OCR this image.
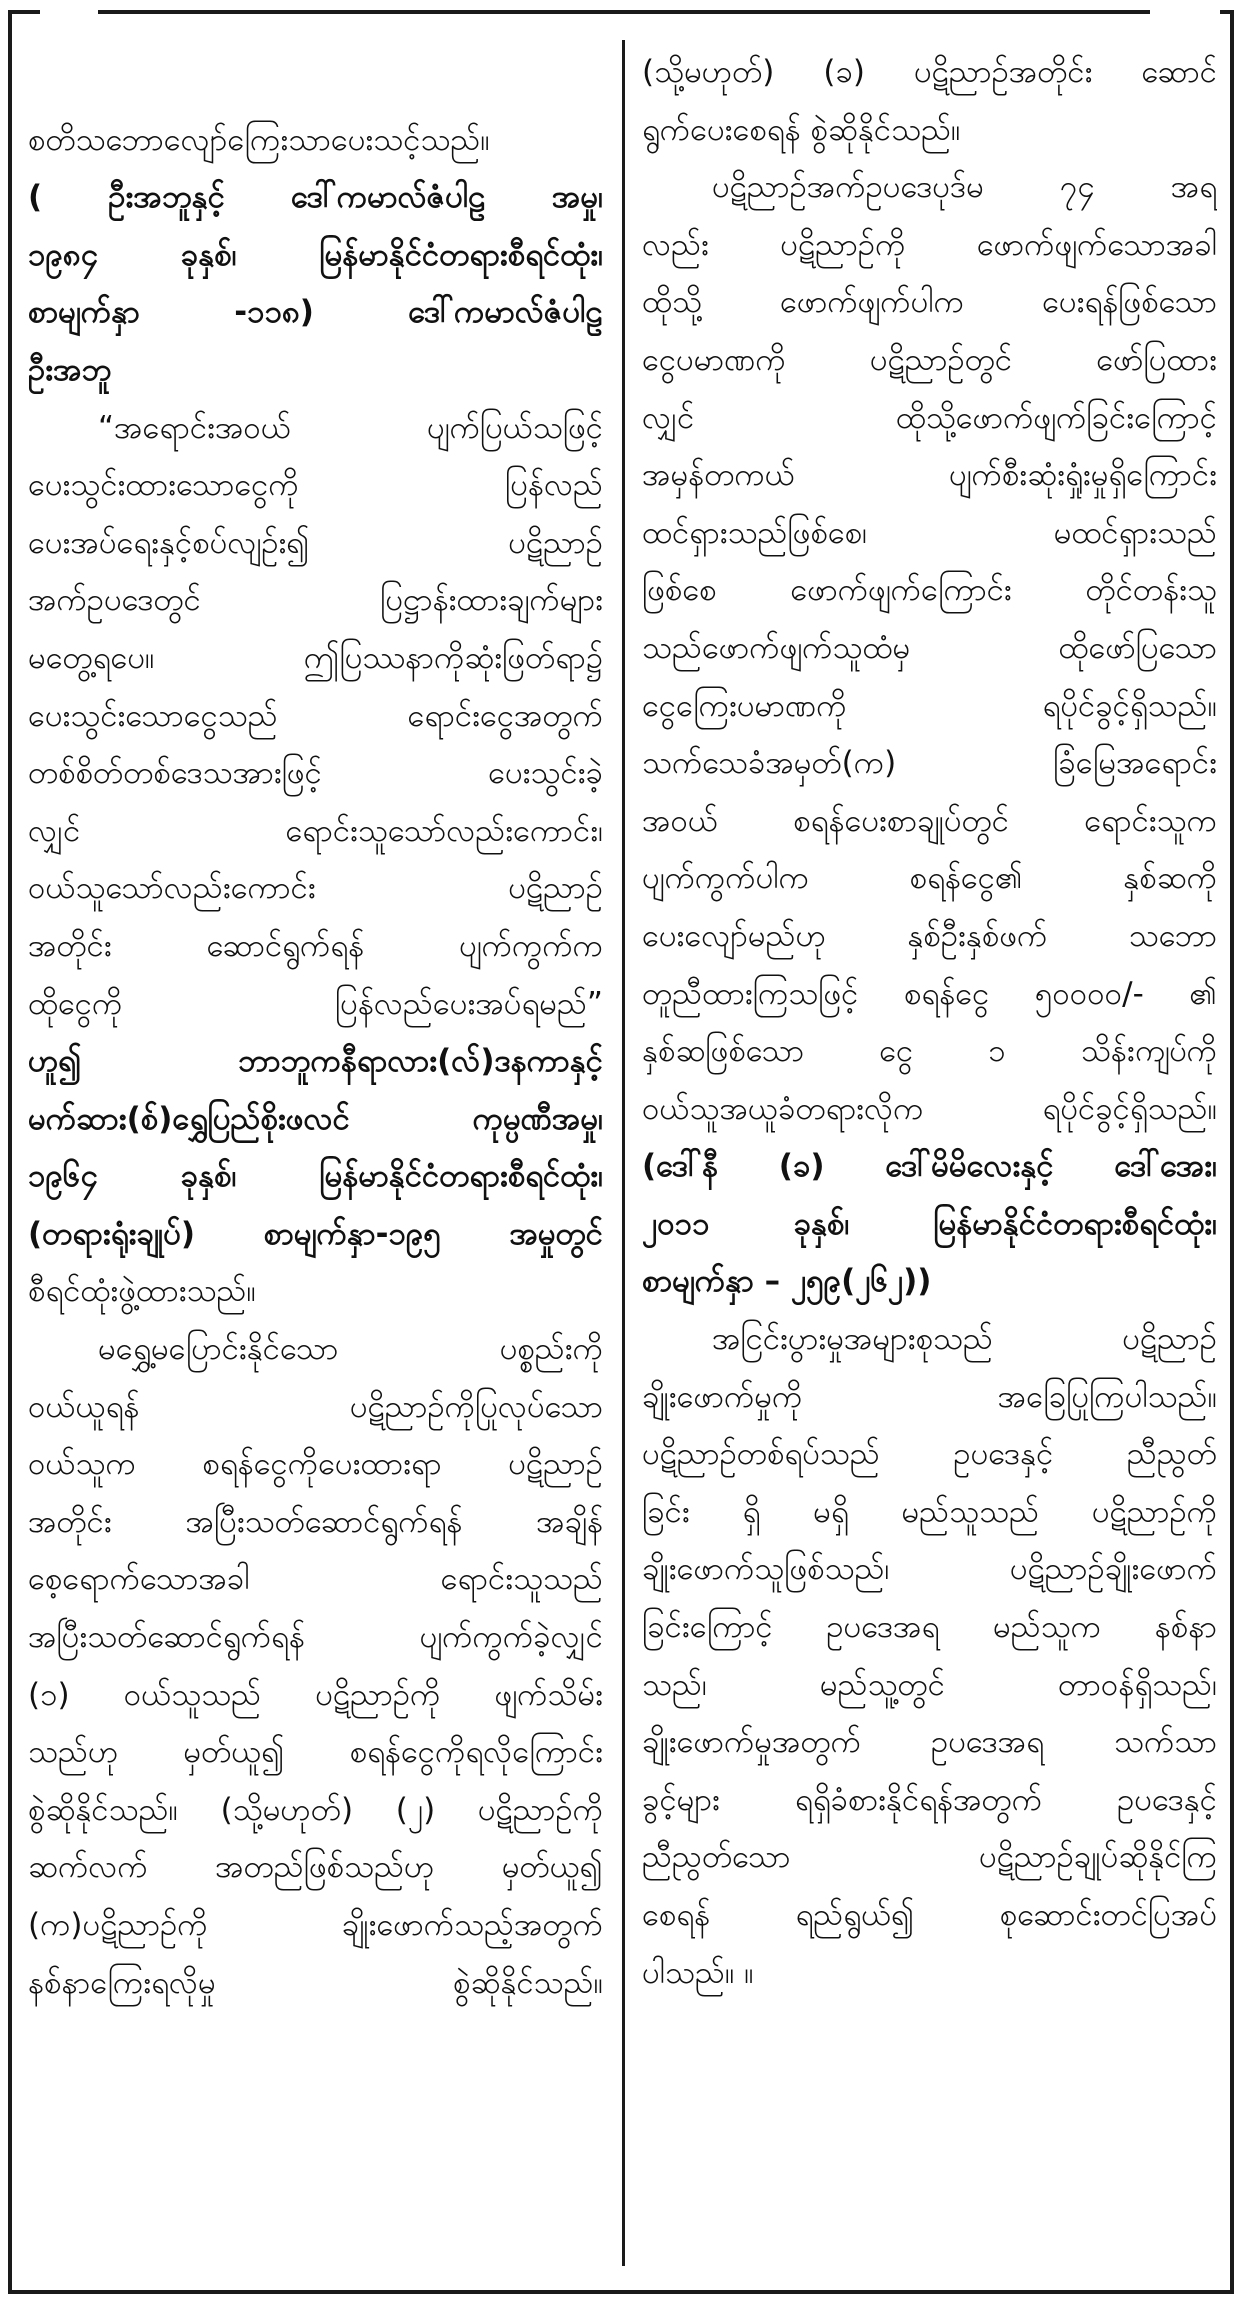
စတိသဘောလျော်ကြေးသာပေးသင့်သည်။
( ဦးအဘူနှင့် ဒေါ်ကမာလ်ဇံပါဠ အမှု၊
၁၉၈၄ ခုနှစ်၊ မြန်မာနိုင်ငံတရားစီရင်ထုံး၊
စာမျက်နှာ -၁၁၈) ဒေါ်ကမာလ်ဇံပါဠ
ဦးအဘူ
“အရောင်းအဝယ် ပျက်ပြယ်သဖြင့်
ပေးသွင်းထားသောငွေကို ပြန်လည်
ပေးအပ်ရေးနှင့်စပ်လျဉ်း၍ ပဋိညာဉ်
အက်ဥပဒေတွင် ပြဋ္ဌာန်းထားချက်များ
မတွေ့ရပေ။ ဤပြဿနာကိုဆုံးဖြတ်ရာ၌
ပေးသွင်းသောငွေသည် ရောင်းငွေအတွက်
တစ်စိတ်တစ်ဒေသအားဖြင့် ပေးသွင်းခဲ့
လျှင် ရောင်းသူသော်လည်းကောင်း၊
ဝယ်သူသော်လည်းကောင်း ပဋိညာဉ်
အတိုင်း ဆောင်ရွက်ရန် ပျက်ကွက်က
ထိုငွေကို ပြန်လည်ပေးအပ်ရမည်”
ဟူ၍ ဘာဘူကနီရာလား(လ်)ဒနကာနှင့်
မက်ဆား(စ်)ရွှေပြည်စိုးဖလင် ကုမ္ပဏီအမှု၊
၁၉၆၄ ခုနှစ်၊ မြန်မာနိုင်ငံတရားစီရင်ထုံး၊
(တရားရုံးချုပ်) စာမျက်နှာ-၁၉၅ အမှုတွင်
စီရင်ထုံးဖွဲ့ထားသည်။
မရွှေ့မပြောင်းနိုင်သော ပစ္စည်းကို
ဝယ်ယူရန် ပဋိညာဉ်ကိုပြုလုပ်သော
ဝယ်သူက စရန်ငွေကိုပေးထားရာ ပဋိညာဉ်
အတိုင်း အပြီးသတ်ဆောင်ရွက်ရန် အချိန်
စေ့ရောက်သောအခါ ရောင်းသူသည်
အပြီးသတ်ဆောင်ရွက်ရန် ပျက်ကွက်ခဲ့လျှင်
(၁) ဝယ်သူသည် ပဋိညာဉ်ကို ဖျက်သိမ်း
သည်ဟု မှတ်ယူ၍ စရန်ငွေကိုရလိုကြောင်း
စွဲဆိုနိုင်သည်။ (သို့မဟုတ်) (၂) ပဋိညာဉ်ကို
ဆက်လက် အတည်ဖြစ်သည်ဟု မှတ်ယူ၍
(က)ပဋိညာဉ်ကို ချိုးဖောက်သည့်အတွက်
နစ်နာကြေးရလိုမှု စွဲဆိုနိုင်သည်။
(သို့မဟုတ်) (ခ) ပဋိညာဉ်အတိုင်း ဆောင်
ရွက်ပေးစေရန် စွဲဆိုနိုင်သည်။
ပဋိညာဉ်အက်ဥပဒေပုဒ်မ ၇၄ အရ
လည်း ပဋိညာဉ်ကို ဖောက်ဖျက်သောအခါ
ထိုသို့ ဖောက်ဖျက်ပါက ပေးရန်ဖြစ်သော
ငွေပမာဏကို ပဋိညာဉ်တွင် ဖော်ပြထား
လျှင် ထိုသို့ဖောက်ဖျက်ခြင်းကြောင့်
အမှန်တကယ် ပျက်စီးဆုံးရှုံးမှုရှိကြောင်း
ထင်ရှားသည်ဖြစ်စေ၊ မထင်ရှားသည်
ဖြစ်စေ ဖောက်ဖျက်ကြောင်း တိုင်တန်းသူ
သည်ဖောက်ဖျက်သူထံမှ ထိုဖော်ပြသော
ငွေကြေးပမာဏကို ရပိုင်ခွင့်ရှိသည်။
သက်သေခံအမှတ်(က) ခြံမြေအရောင်း
အဝယ် စရန်ပေးစာချုပ်တွင် ရောင်းသူက
ပျက်ကွက်ပါက စရန်ငွေ၏ နှစ်ဆကို
ပေးလျော်မည်ဟု နှစ်ဦးနှစ်ဖက် သဘော
တူညီထားကြသဖြင့် စရန်ငွေ ၅၀၀၀၀/- ၏
နှစ်ဆဖြစ်သော ငွေ ၁ သိန်းကျပ်ကို
ဝယ်သူအယူခံတရားလိုက ရပိုင်ခွင့်ရှိသည်။
(ဒေါ်နီ (ခ) ဒေါ်မိမိလေးနှင့် ဒေါ်အေး၊
၂၀၁၁ ခုနှစ်၊ မြန်မာနိုင်ငံတရားစီရင်ထုံး၊
စာမျက်နှာ – ၂၅၉(၂၆၂))
အငြင်းပွားမှုအများစုသည် ပဋိညာဉ်
ချိုးဖောက်မှုကို အခြေပြုကြပါသည်။
ပဋိညာဉ်တစ်ရပ်သည် ဥပဒေနှင့် ညီညွတ်
ခြင်း ရှိ မရှိ မည်သူသည် ပဋိညာဉ်ကို
ချိုးဖောက်သူဖြစ်သည်၊ ပဋိညာဉ်ချိုးဖောက်
ခြင်းကြောင့် ဥပဒေအရ မည်သူက နစ်နာ
သည်၊ မည်သူ့တွင် တာဝန်ရှိသည်၊
ချိုးဖောက်မှုအတွက် ဥပဒေအရ သက်သာ
ခွင့်များ ရရှိခံစားနိုင်ရန်အတွက် ဥပဒေနှင့်
ညီညွတ်သော ပဋိညာဉ်ချုပ်ဆိုနိုင်ကြ
စေရန် ရည်ရွယ်၍ စုဆောင်းတင်ပြအပ်
ပါသည်။ ။
